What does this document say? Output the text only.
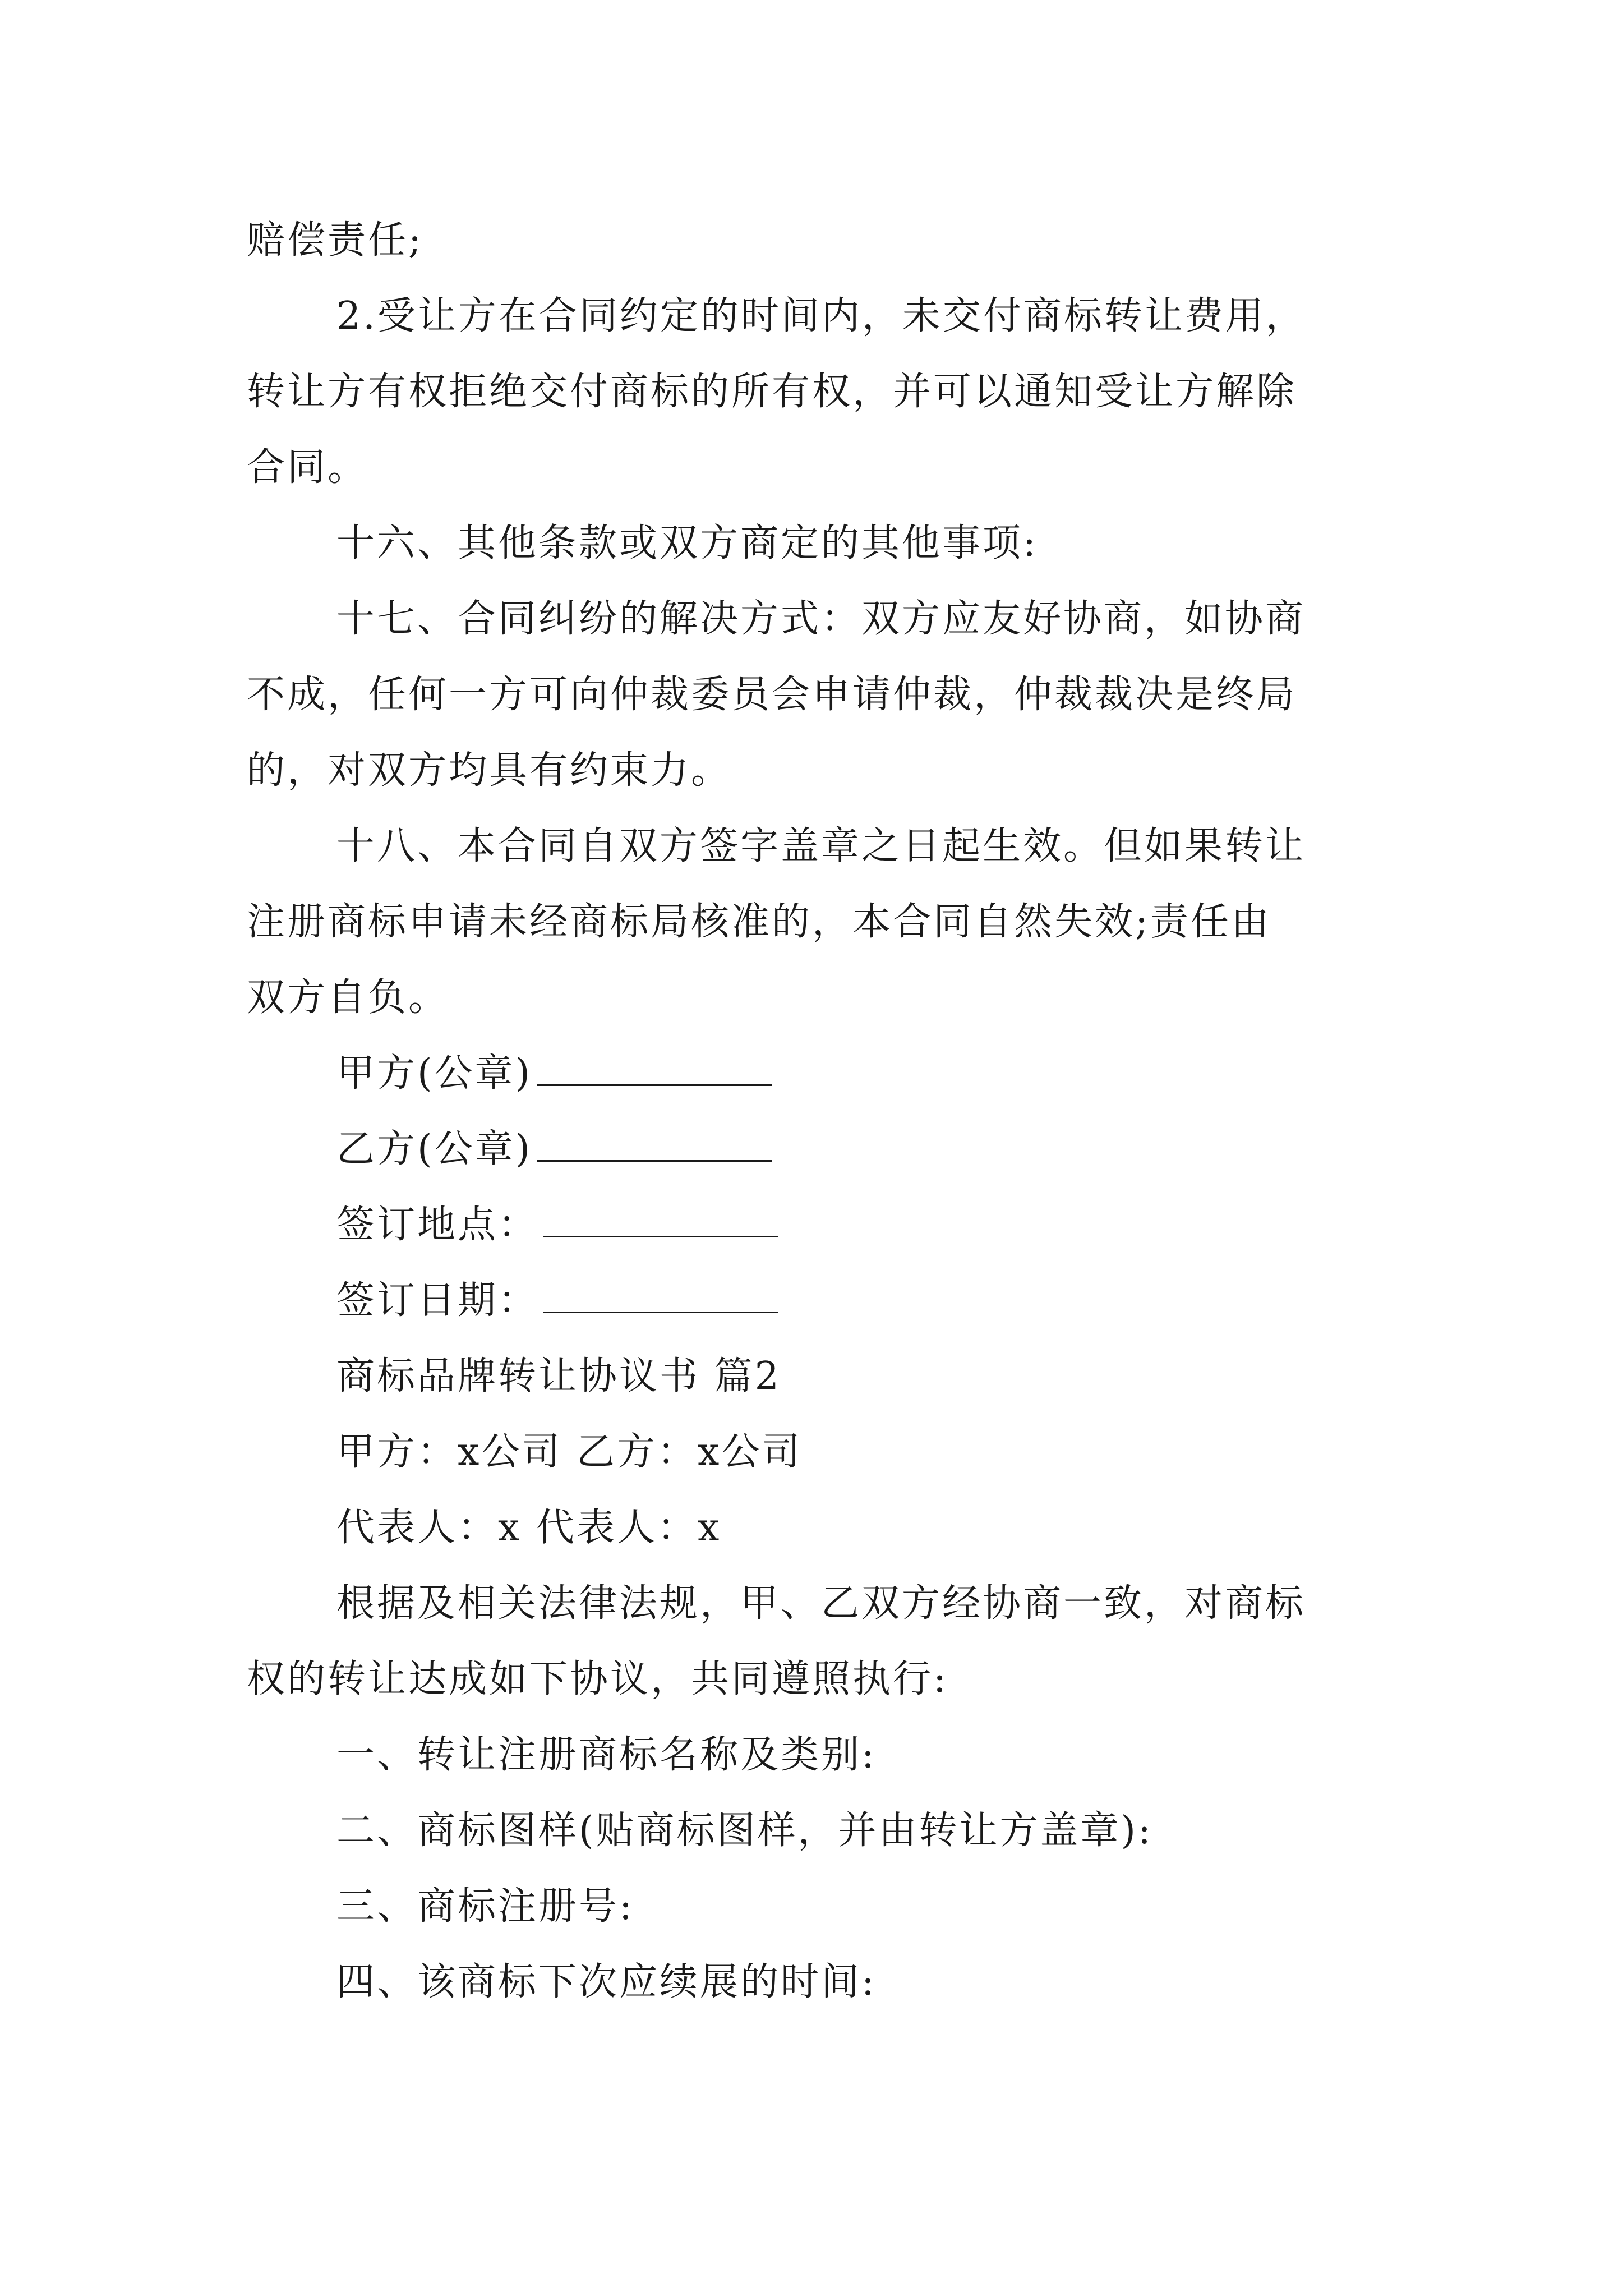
赔偿责任;
2.受让方在合同约定的时间内，未交付商标转让费用，
转让方有权拒绝交付商标的所有权，并可以通知受让方解除
合同。
十六、其他条款或双方商定的其他事项:
十七、合同纠纷的解决方式：双方应友好协商，如协商
不成，任何一方可向仲裁委员会申请仲裁，仲裁裁决是终局
的，对双方均具有约束力。
十八、本合同自双方签字盖章之日起生效。但如果转让
注册商标申请未经商标局核准的，本合同自然失效;责任由
双方自负。
甲方(公章)
乙方(公章)
签订地点：
签订日期：
商标品牌转让协议书 篇2
甲方：x公司 乙方：x公司
代表人：x 代表人：x
根据及相关法律法规，甲、乙双方经协商一致，对商标
权的转让达成如下协议，共同遵照执行:
一、转让注册商标名称及类别:
二、商标图样(贴商标图样，并由转让方盖章):
三、商标注册号:
四、该商标下次应续展的时间:
